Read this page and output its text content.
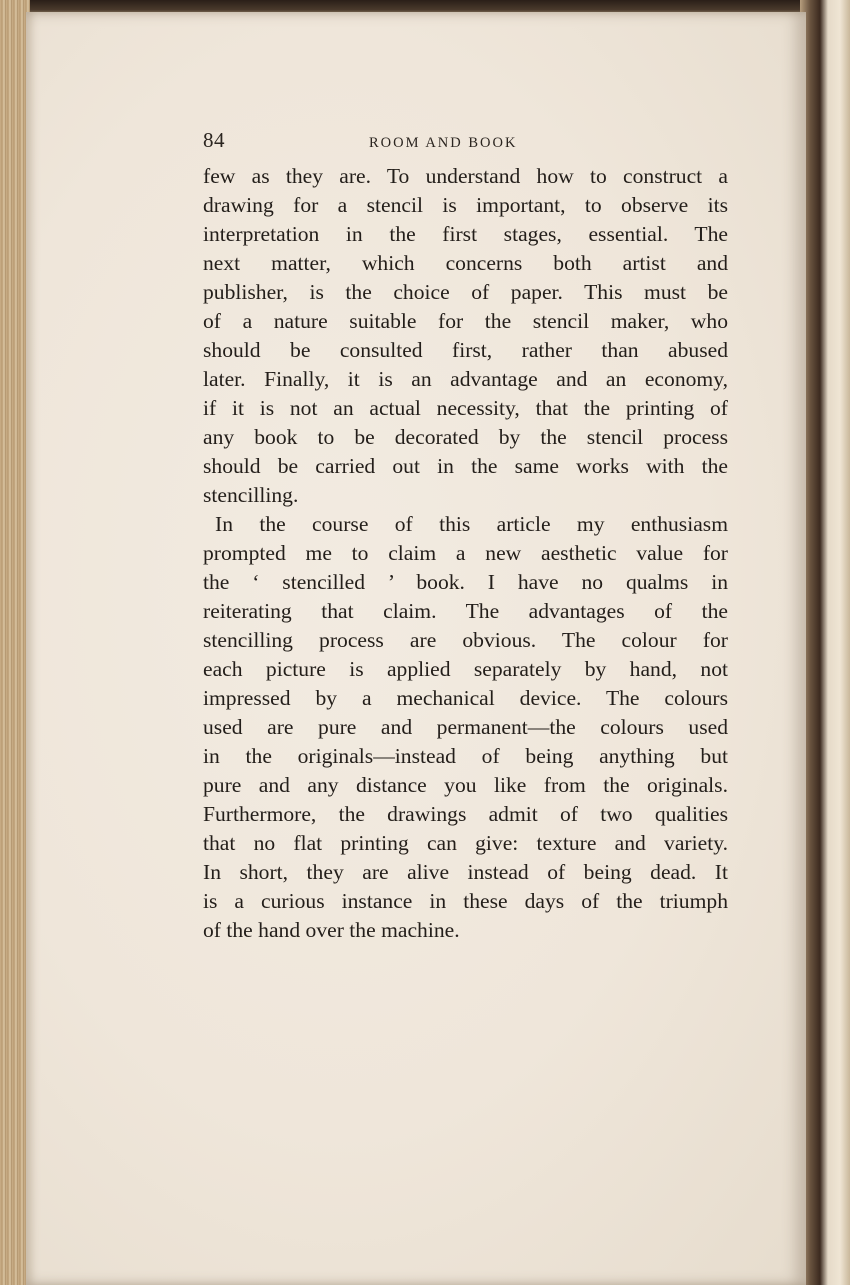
84	ROOM AND BOOK

few as they are. To understand how to construct a
drawing for a stencil is important, to observe its
interpretation in the first stages, essential. The
next matter, which concerns both artist and
publisher, is the choice of paper. This must be
of a nature suitable for the stencil maker, who
should be consulted first, rather than abused
later. Finally, it is an advantage and an economy,
if it is not an actual necessity, that the printing of
any book to be decorated by the stencil process
should be carried out in the same works with the
stencilling.

In the course of this article my enthusiasm
prompted me to claim a new aesthetic value for
the ‘ stencilled ’ book. I have no qualms in
reiterating that claim. The advantages of the
stencilling process are obvious. The colour for
each picture is applied separately by hand, not
impressed by a mechanical device. The colours
used are pure and permanent—the colours used
in the originals—instead of being anything but
pure and any distance you like from the originals.
Furthermore, the drawings admit of two qualities
that no flat printing can give: texture and variety.
In short, they are alive instead of being dead. It
is a curious instance in these days of the triumph
of the hand over the machine.
